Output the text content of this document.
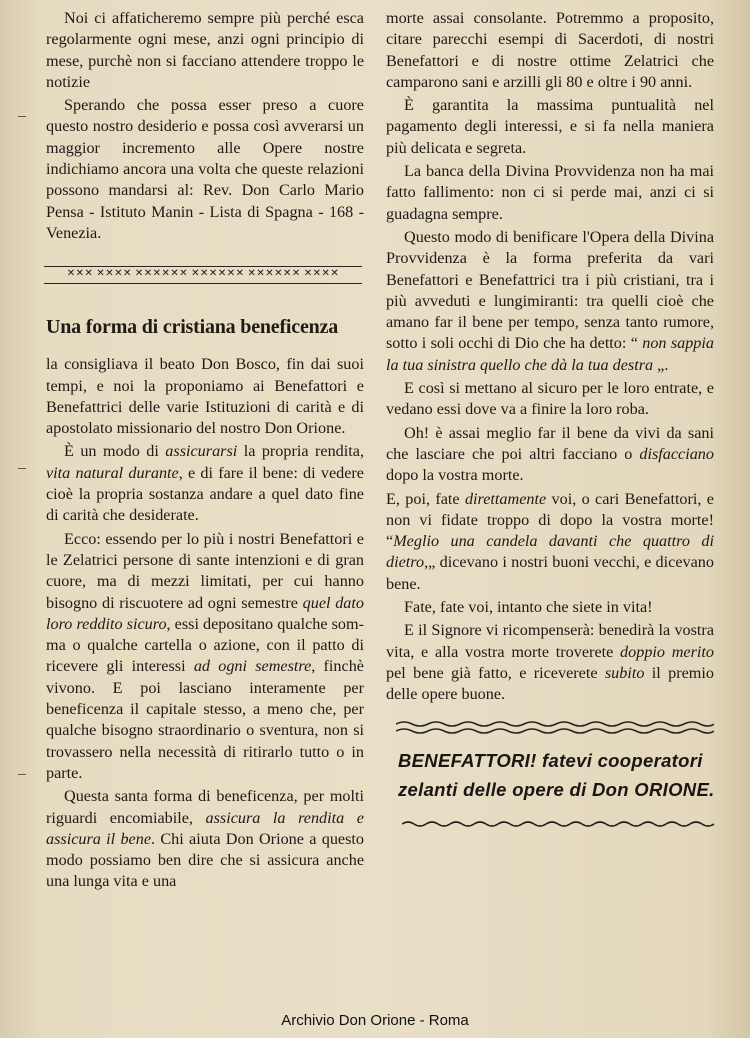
Noi ci affaticheremo sempre più perché esca regolarmente ogni mese, anzi ogni principio di mese, purchè non si facciano attendere troppo le notizie

Sperando che possa esser preso a cuore questo nostro desiderio e possa così avverarsi un maggior incremento alle Opere nostre indichiamo ancora una volta che queste relazioni possono mandarsi al: Rev. Don Carlo Mario Pensa - Istituto Manin - Lista di Spagna - 168 - Venezia.

✕✕✕ ✕✕✕✕ ✕✕✕✕✕✕ ✕✕✕✕✕✕ ✕✕✕✕✕✕ ✕✕✕✕
Una forma di cristiana beneficenza

la consigliava il beato Don Bosco, fin dai suoi tempi, e noi la proponiamo ai Benefattori e Benefattrici delle varie Istituzioni di carità e di apostolato missionario del nostro Don Orione.

È un modo di assicurarsi la propria rendita, vita natural durante, e di fare il bene: di vedere cioè la propria sostanza andare a quel dato fine di carità che desiderate.

Ecco: essendo per lo più i nostri Benefattori e le Zelatrici persone di sante intenzioni e di gran cuore, ma di mezzi limitati, per cui hanno bisogno di riscuotere ad ogni semestre quel dato loro reddito sicuro, essi depositano qualche somma o qualche cartella o azione, con il patto di ricevere gli interessi ad ogni semestre, finchè vivono. E poi lasciano interamente per beneficenza il capitale stesso, a meno che, per qualche bisogno straordinario o sventura, non si trovassero nella necessità di ritirarlo tutto o in parte.

Questa santa forma di beneficenza, per molti riguardi encomiabile, assicura la rendita e assicura il bene. Chi aiuta Don Orione a questo modo possiamo ben dire che si assicura anche una lunga vita e una

morte assai consolante. Potremmo a proposito, citare parecchi esempi di Sacerdoti, di nostri Benefattori e di nostre ottime Zelatrici che camparono sani e arzilli gli 80 e oltre i 90 anni.

È garantita la massima puntualità nel pagamento degli interessi, e si fa nella maniera più delicata e segreta.

La banca della Divina Provvidenza non ha mai fatto fallimento: non ci si perde mai, anzi ci si guadagna sempre.

Questo modo di benificare l'Opera della Divina Provvidenza è la forma preferita da vari Benefattori e Benefattrici tra i più cristiani, tra i più avveduti e lungimiranti: tra quelli cioè che amano far il bene per tempo, senza tanto rumore, sotto i soli occhi di Dio che ha detto: “ non sappia la tua sinistra quello che dà la tua destra „.

E così si mettano al sicuro per le loro entrate, e vedano essi dove va a finire la loro roba.

Oh! è assai meglio far il bene da vivi da sani che lasciare che poi altri facciano o disfacciano dopo la vostra morte.

E, poi, fate direttamente voi, o cari Benefattori, e non vi fidate troppo di dopo la vostra morte! “Meglio una candela davanti che quattro di dietro,„ dicevano i nostri buoni vecchi, e dicevano bene.

Fate, fate voi, intanto che siete in vita!

E il Signore vi ricompenserà: benedirà la vostra vita, e alla vostra morte troverete doppio merito pel bene già fatto, e riceverete subito il premio delle opere buone.

BENEFATTORI! fatevi cooperatori zelanti delle opere di Don ORIONE.
Archivio Don Orione - Roma
